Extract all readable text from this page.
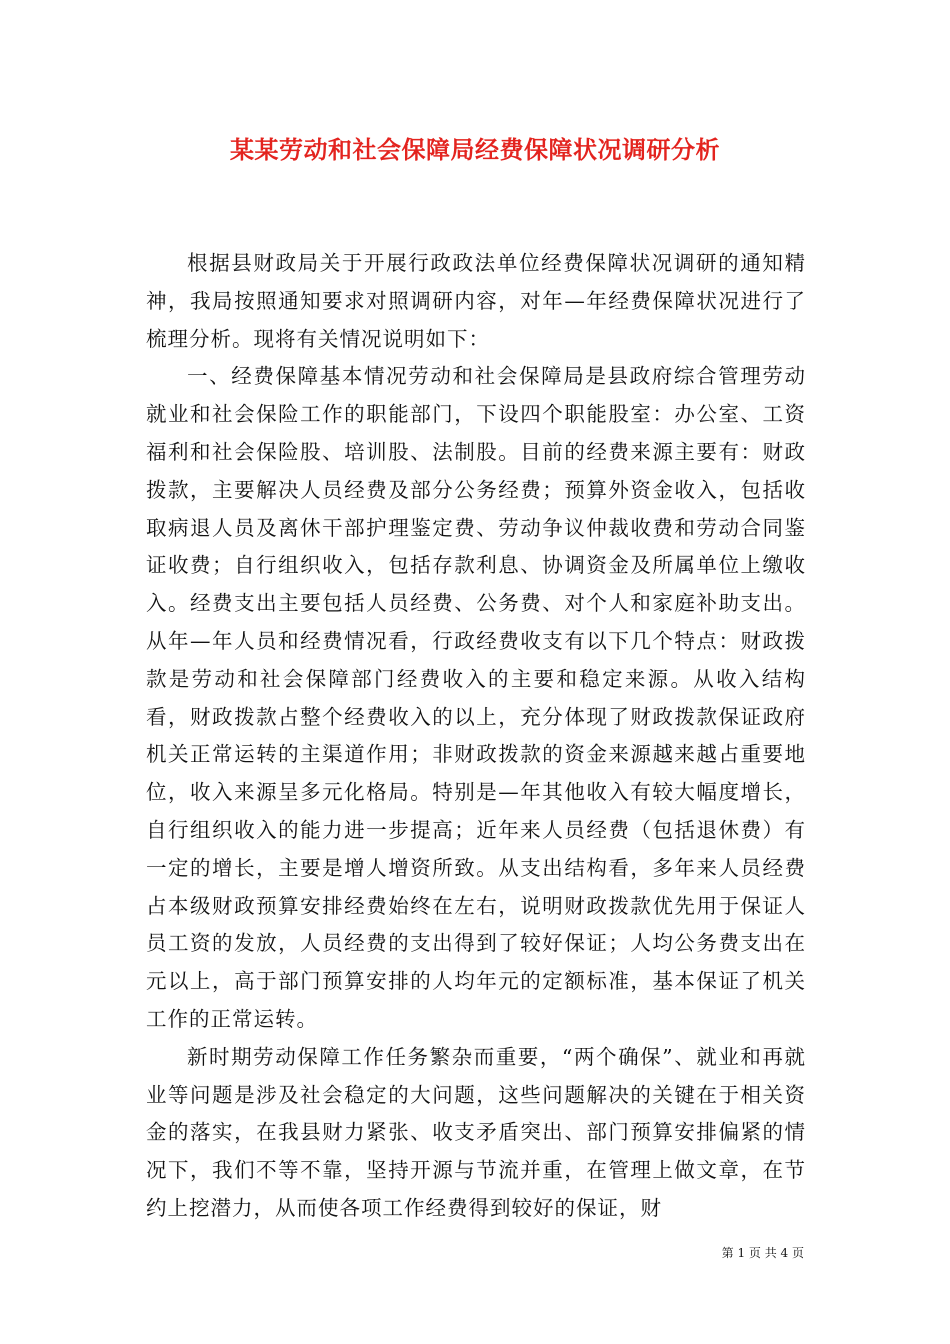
某某劳动和社会保障局经费保障状况调研分析

根据县财政局关于开展行政政法单位经费保障状况调研的通知精神，我局按照通知要求对照调研内容，对年—年经费保障状况进行了梳理分析。现将有关情况说明如下：

一、经费保障基本情况劳动和社会保障局是县政府综合管理劳动就业和社会保险工作的职能部门，下设四个职能股室：办公室、工资福利和社会保险股、培训股、法制股。目前的经费来源主要有：财政拨款，主要解决人员经费及部分公务经费；预算外资金收入，包括收取病退人员及离休干部护理鉴定费、劳动争议仲裁收费和劳动合同鉴证收费；自行组织收入，包括存款利息、协调资金及所属单位上缴收入。经费支出主要包括人员经费、公务费、对个人和家庭补助支出。从年—年人员和经费情况看，行政经费收支有以下几个特点：财政拨款是劳动和社会保障部门经费收入的主要和稳定来源。从收入结构看，财政拨款占整个经费收入的以上，充分体现了财政拨款保证政府机关正常运转的主渠道作用；非财政拨款的资金来源越来越占重要地位，收入来源呈多元化格局。特别是—年其他收入有较大幅度增长，自行组织收入的能力进一步提高；近年来人员经费（包括退休费）有一定的增长，主要是增人增资所致。从支出结构看，多年来人员经费占本级财政预算安排经费始终在左右，说明财政拨款优先用于保证人员工资的发放，人员经费的支出得到了较好保证；人均公务费支出在元以上，高于部门预算安排的人均年元的定额标准，基本保证了机关工作的正常运转。

新时期劳动保障工作任务繁杂而重要，“两个确保”、就业和再就业等问题是涉及社会稳定的大问题，这些问题解决的关键在于相关资金的落实，在我县财力紧张、收支矛盾突出、部门预算安排偏紧的情况下，我们不等不靠，坚持开源与节流并重，在管理上做文章，在节约上挖潜力，从而使各项工作经费得到较好的保证，财

第 1 页 共 4 页
